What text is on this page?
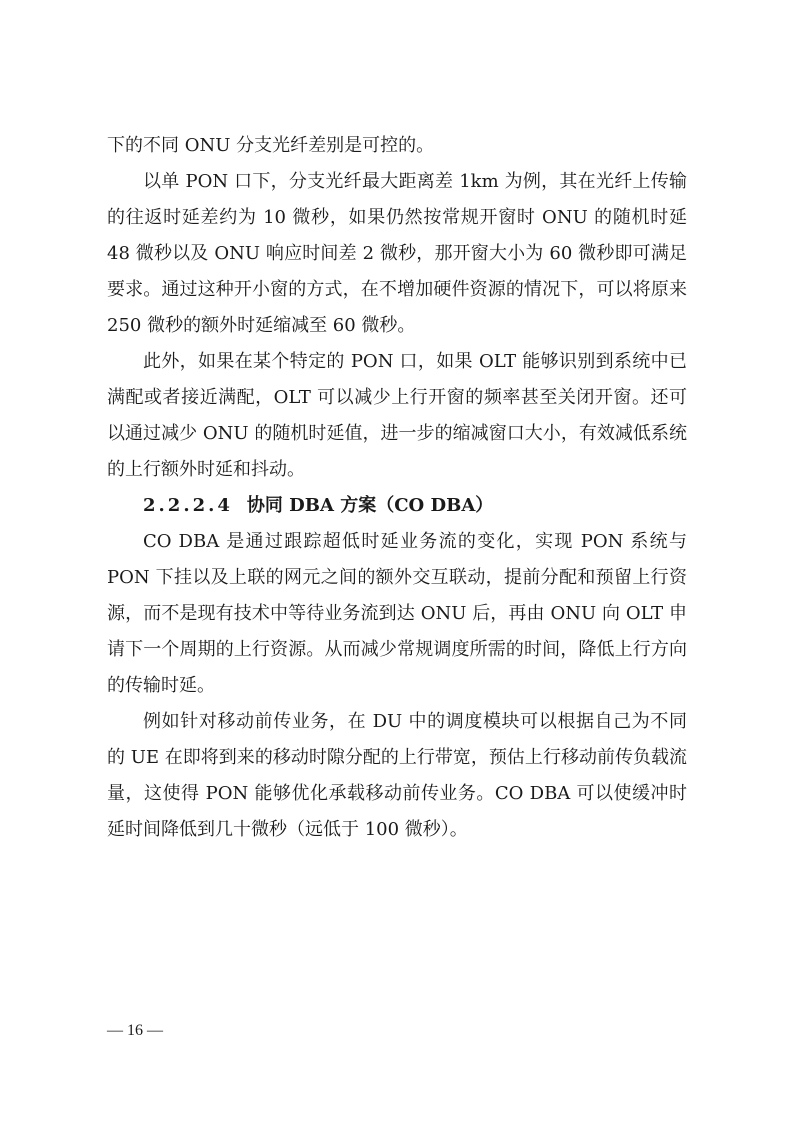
下的不同 ONU 分支光纤差别是可控的。

以单 PON 口下，分支光纤最大距离差 1km 为例，其在光纤上传输的往返时延差约为 10 微秒，如果仍然按常规开窗时 ONU 的随机时延 48 微秒以及 ONU 响应时间差 2 微秒，那开窗大小为 60 微秒即可满足要求。通过这种开小窗的方式，在不增加硬件资源的情况下，可以将原来 250 微秒的额外时延缩减至 60 微秒。

此外，如果在某个特定的 PON 口，如果 OLT 能够识别到系统中已满配或者接近满配，OLT 可以减少上行开窗的频率甚至关闭开窗。还可以通过减少 ONU 的随机时延值，进一步的缩减窗口大小，有效减低系统的上行额外时延和抖动。

2.2.2.4 协同 DBA 方案（CO DBA）

CO DBA 是通过跟踪超低时延业务流的变化，实现 PON 系统与 PON 下挂以及上联的网元之间的额外交互联动，提前分配和预留上行资源，而不是现有技术中等待业务流到达 ONU 后，再由 ONU 向 OLT 申请下一个周期的上行资源。从而减少常规调度所需的时间，降低上行方向的传输时延。

例如针对移动前传业务，在 DU 中的调度模块可以根据自己为不同的 UE 在即将到来的移动时隙分配的上行带宽，预估上行移动前传负载流量，这使得 PON 能够优化承载移动前传业务。CO DBA 可以使缓冲时延时间降低到几十微秒（远低于 100 微秒）。

— 16 —
